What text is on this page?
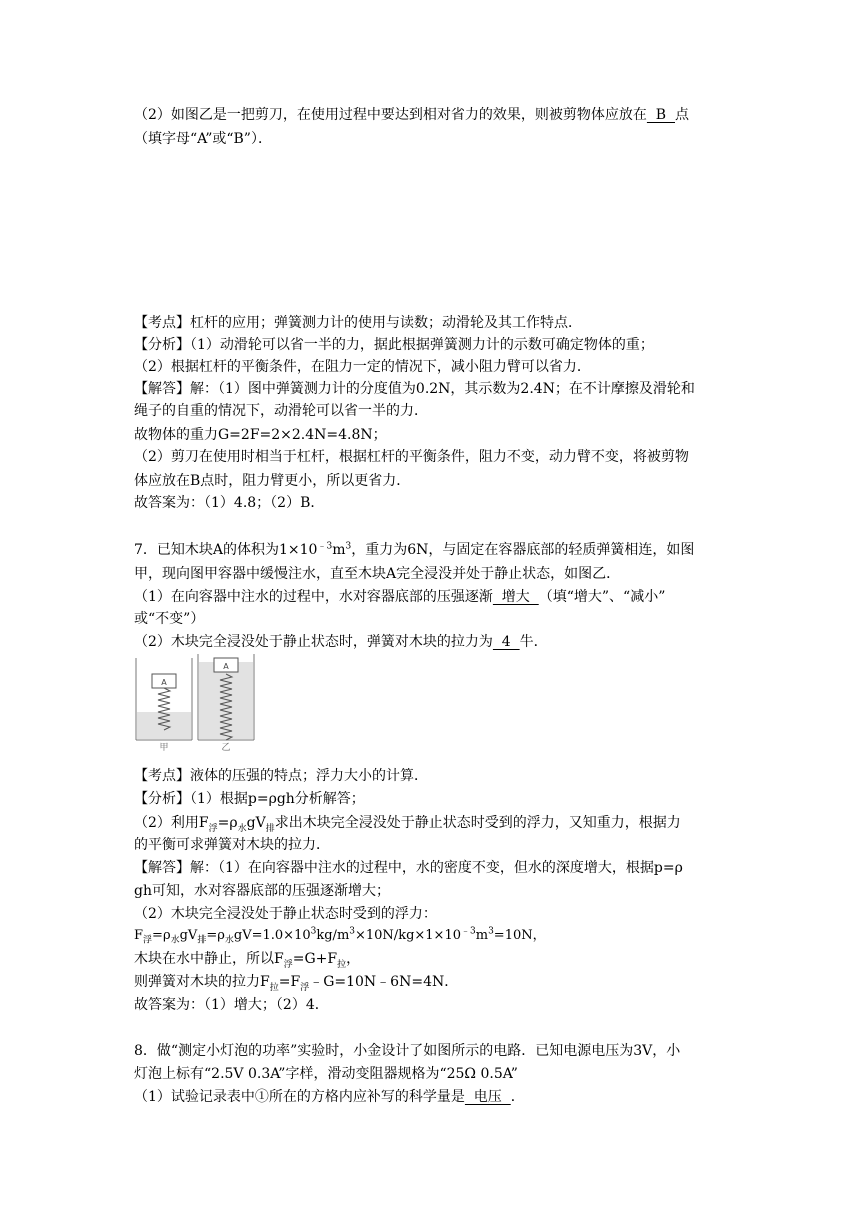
（2）如图乙是一把剪刀，在使用过程中要达到相对省力的效果，则被剪物体应放在  B  点
（填字母“A”或“B”）．
【考点】杠杆的应用；弹簧测力计的使用与读数；动滑轮及其工作特点．
【分析】（1）动滑轮可以省一半的力，据此根据弹簧测力计的示数可确定物体的重；
（2）根据杠杆的平衡条件，在阻力一定的情况下，减小阻力臂可以省力．
【解答】解：（1）图中弹簧测力计的分度值为0.2N，其示数为2.4N；在不计摩擦及滑轮和
绳子的自重的情况下，动滑轮可以省一半的力．
故物体的重力G=2F=2×2.4N=4.8N；
（2）剪刀在使用时相当于杠杆，根据杠杆的平衡条件，阻力不变，动力臂不变，将被剪物
体应放在B点时，阻力臂更小，所以更省力．
故答案为：（1）4.8；（2）B．
7．已知木块A的体积为$1\times 10^{﹣3}m^3$，重力为6N，与固定在容器底部的轻质弹簧相连，如图
甲，现向图甲容器中缓慢注水，直至木块A完全浸没并处于静止状态，如图乙．
（1）在向容器中注水的过程中，水对容器底部的压强逐渐  增大  （填“增大”、“减小”
或“不变”）
（2）木块完全浸没处于静止状态时，弹簧对木块的拉力为  4  牛．
A
A
甲	乙
【考点】液体的压强的特点；浮力大小的计算．
【分析】（1）根据p=ρgh分析解答；
（2）利用$F_浮=\rho_水gV_排$求出木块完全浸没处于静止状态时受到的浮力，又知重力，根据力
的平衡可求弹簧对木块的拉力．
【解答】解：（1）在向容器中注水的过程中，水的密度不变，但水的深度增大，根据p=ρ
gh可知，水对容器底部的压强逐渐增大；
（2）木块完全浸没处于静止状态时受到的浮力：
$F_浮=\rho_水gV_排=\rho_水gV=1.0\times 10^3kg/m^3\times 10N/kg\times 1\times 10^{﹣3}m^3=10N$，
木块在水中静止，所以$F_浮=G+F_拉$，
则弹簧对木块的拉力$F_拉=F_浮﹣G=10N﹣6N=4N$．
故答案为：（1）增大；（2）4．
8．做“测定小灯泡的功率”实验时，小金设计了如图所示的电路．已知电源电压为3V，小
灯泡上标有“2.5V 0.3A”字样，滑动变阻器规格为“25Ω 0.5A”
（1）试验记录表中①所在的方格内应补写的科学量是  电压  ．
